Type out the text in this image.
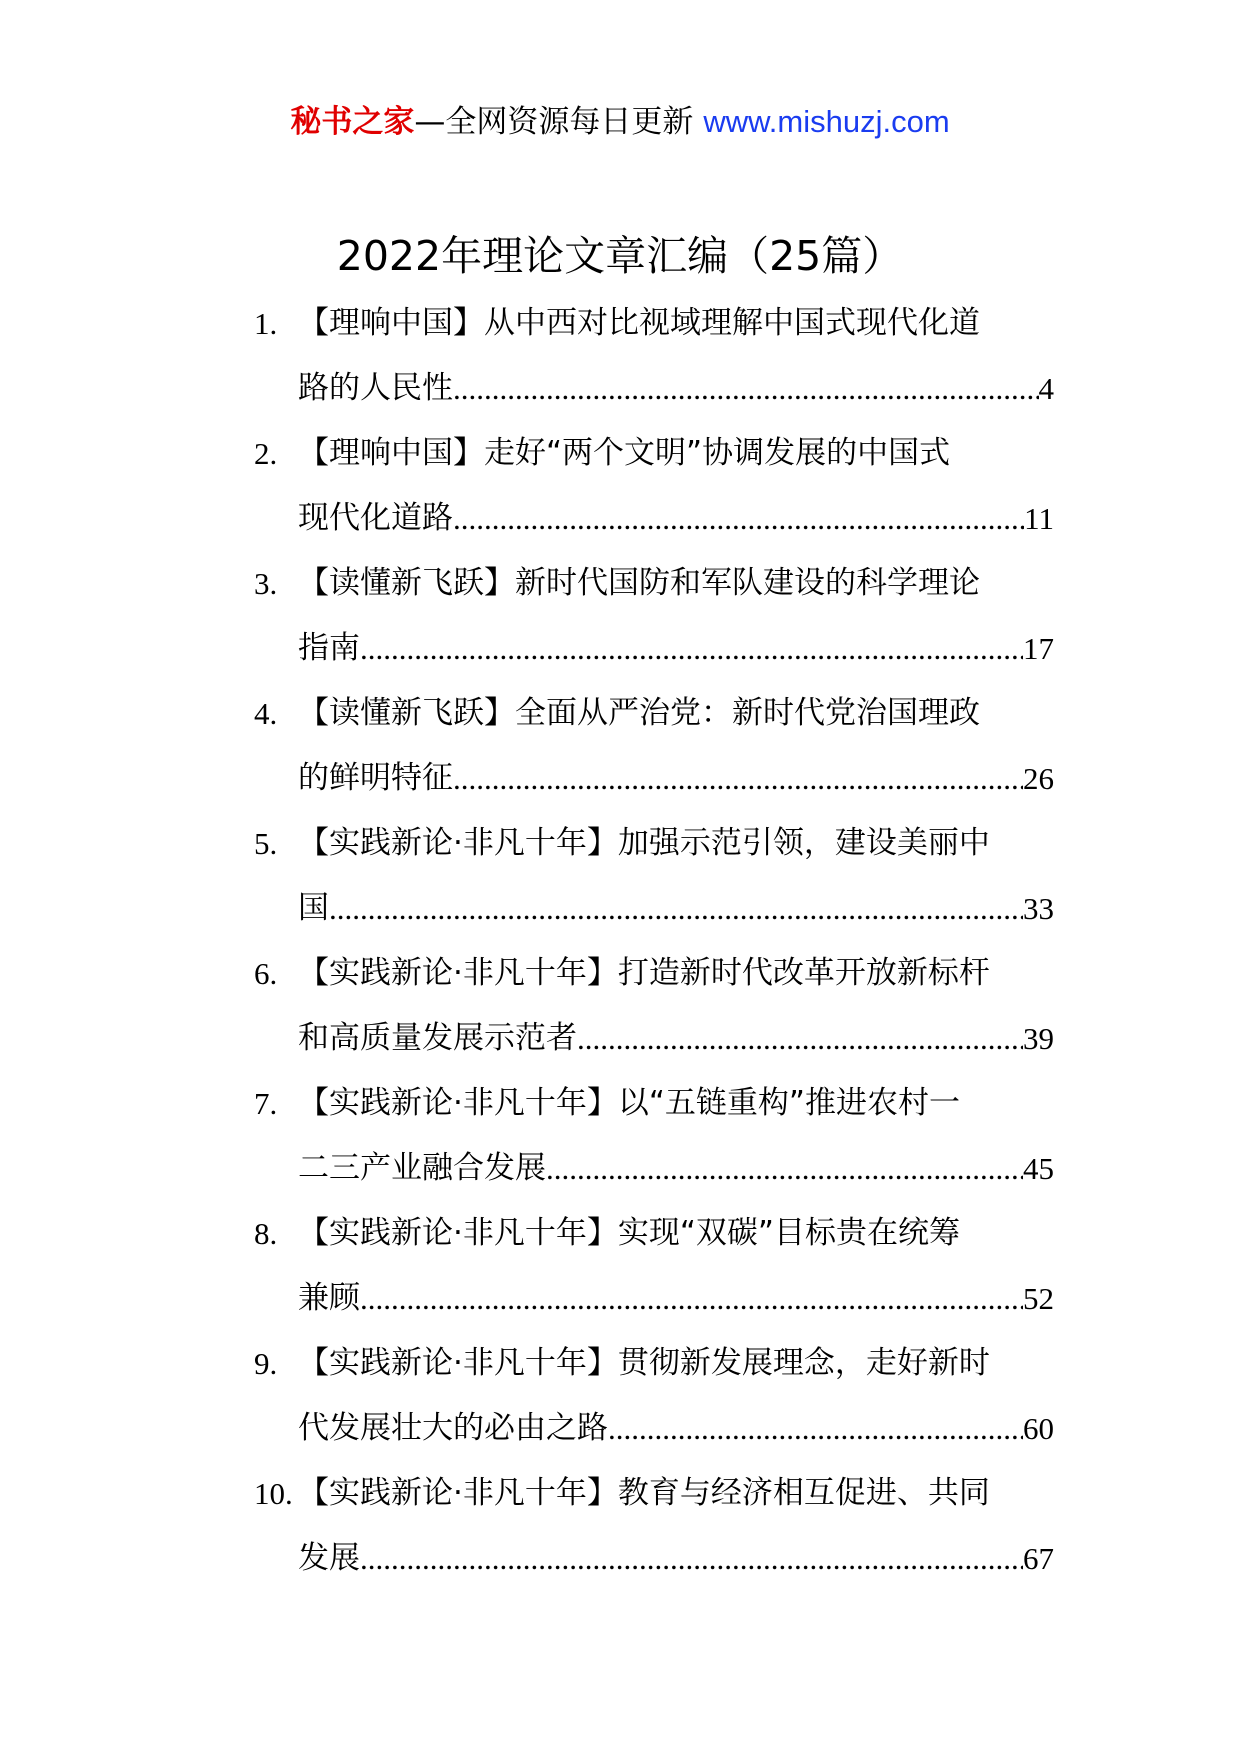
秘书之家—全网资源每日更新 www.mishuzj.com
2022年理论文章汇编（25篇）
1. 【理响中国】从中西对比视域理解中国式现代化道
路的人民性 .....	4
2. 【理响中国】走好“两个文明”协调发展的中国式
现代化道路 .....	11
3. 【读懂新飞跃】新时代国防和军队建设的科学理论
指南 .....	17
4. 【读懂新飞跃】全面从严治党：新时代党治国理政
的鲜明特征 .....	26
5. 【实践新论·非凡十年】加强示范引领，建设美丽中
国 .....	33
6. 【实践新论·非凡十年】打造新时代改革开放新标杆
和高质量发展示范者 .....	39
7. 【实践新论·非凡十年】以“五链重构”推进农村一
二三产业融合发展 .....	45
8. 【实践新论·非凡十年】实现“双碳”目标贵在统筹
兼顾 .....	52
9. 【实践新论·非凡十年】贯彻新发展理念，走好新时
代发展壮大的必由之路 .....	60
10. 【实践新论·非凡十年】教育与经济相互促进、共同
发展 .....	67
